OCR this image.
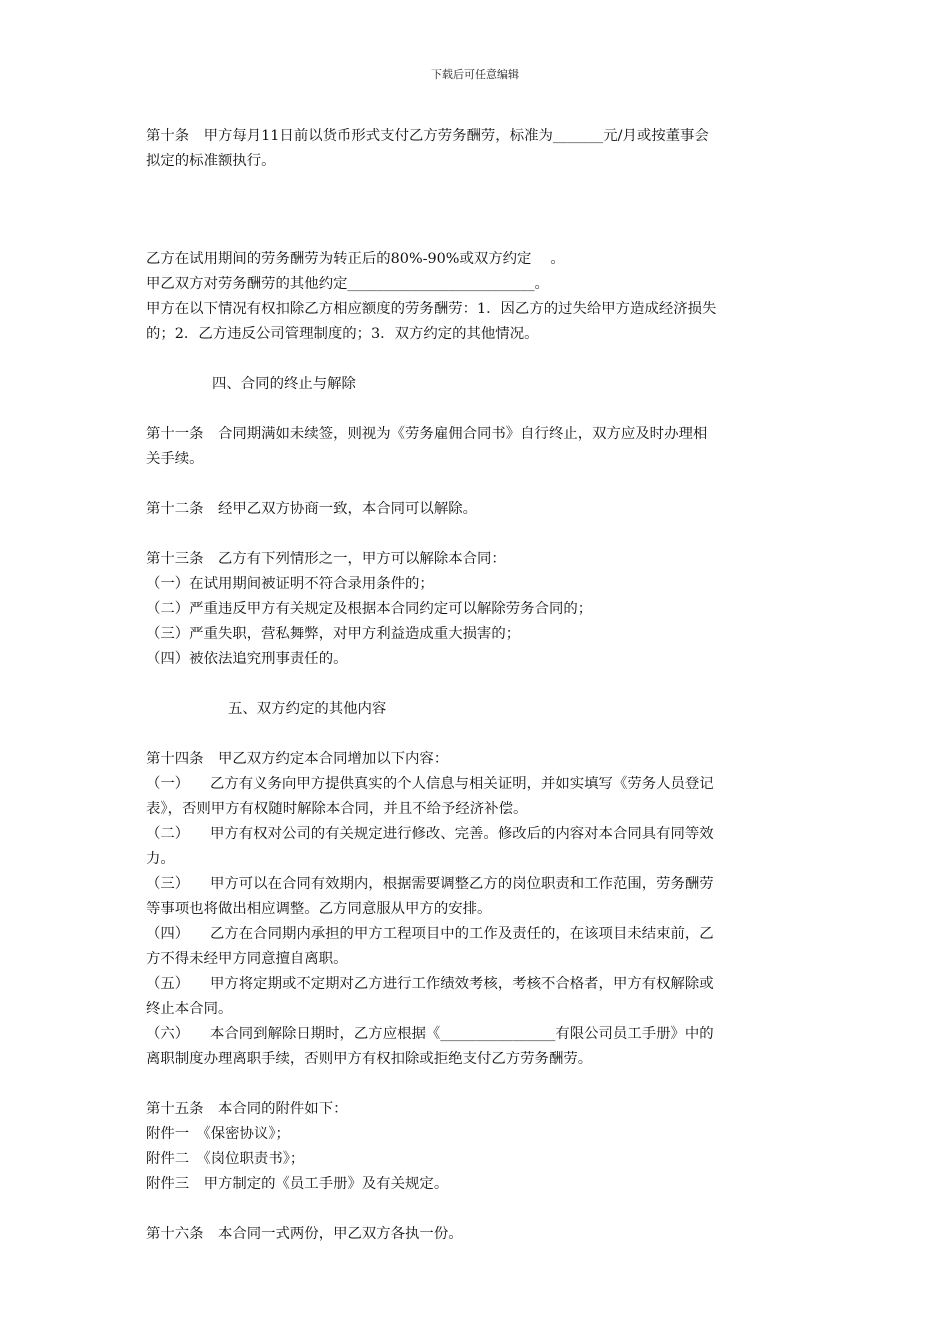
下载后可任意编辑

第十条　甲方每月11日前以货币形式支付乙方劳务酬劳，标准为_______元/月或按董事会

拟定的标准额执行。

乙方在试用期间的劳务酬劳为转正后的80%-90%或双方约定　 。

甲乙双方对劳务酬劳的其他约定__________________________。

甲方在以下情况有权扣除乙方相应额度的劳务酬劳：1．因乙方的过失给甲方造成经济损失

的；2．乙方违反公司管理制度的；3．双方约定的其他情况。

四、合同的终止与解除

第十一条　合同期满如未续签，则视为《劳务雇佣合同书》自行终止，双方应及时办理相

关手续。

第十二条　经甲乙双方协商一致，本合同可以解除。

第十三条　乙方有下列情形之一，甲方可以解除本合同：

（一）在试用期间被证明不符合录用条件的；

（二）严重违反甲方有关规定及根据本合同约定可以解除劳务合同的；

（三）严重失职，营私舞弊，对甲方利益造成重大损害的；

（四）被依法追究刑事责任的。

五、双方约定的其他内容

第十四条　甲乙双方约定本合同增加以下内容：

（一） 乙方有义务向甲方提供真实的个人信息与相关证明，并如实填写《劳务人员登记

表》，否则甲方有权随时解除本合同，并且不给予经济补偿。

（二） 甲方有权对公司的有关规定进行修改、完善。修改后的内容对本合同具有同等效

力。

（三） 甲方可以在合同有效期内，根据需要调整乙方的岗位职责和工作范围，劳务酬劳

等事项也将做出相应调整。乙方同意服从甲方的安排。

（四） 乙方在合同期内承担的甲方工程项目中的工作及责任的，在该项目未结束前，乙

方不得未经甲方同意擅自离职。

（五） 甲方将定期或不定期对乙方进行工作绩效考核，考核不合格者，甲方有权解除或

终止本合同。

（六） 本合同到解除日期时，乙方应根据《________________有限公司员工手册》中的

离职制度办理离职手续，否则甲方有权扣除或拒绝支付乙方劳务酬劳。

第十五条　本合同的附件如下：

附件一　《保密协议》；

附件二　《岗位职责书》；

附件三　甲方制定的《员工手册》及有关规定。

第十六条　本合同一式两份，甲乙双方各执一份。
